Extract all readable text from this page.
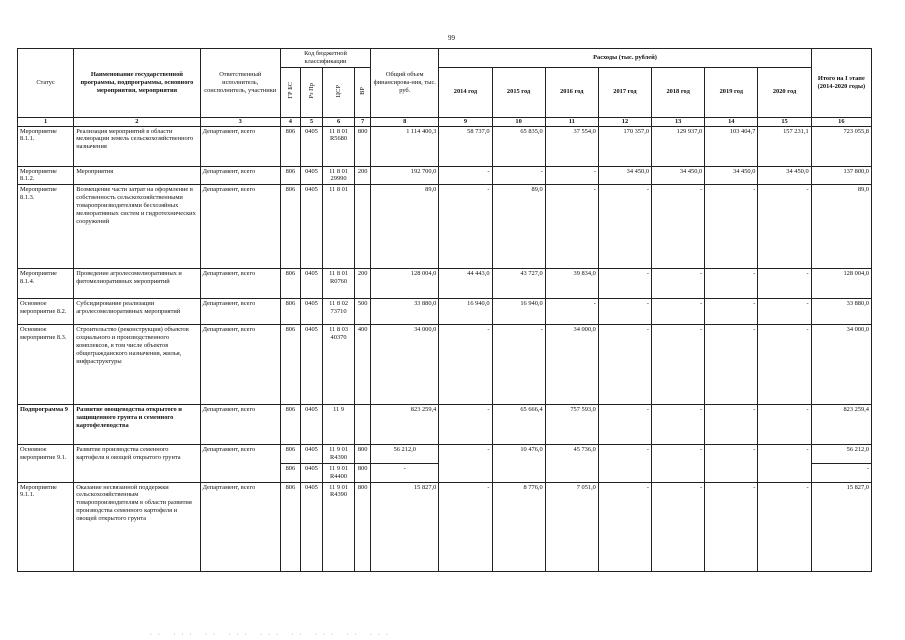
99
Статус	Наименование государственной программы, подпрограммы, основного мероприятия, мероприятия	Ответственный исполнитель, соисполнитель, участники	Код бюджетной классификации				Общий объем финансирова-ния, тыс. руб.	Расходы (тыс. рублей)							Итого на I этапе (2014-2020 годы)
			ГР БС	Рз Пр	ЦСР	ВР		2014 год	2015 год	2016 год	2017 год	2018 год	2019 год	2020 год	
1	2	3	4	5	6	7	8	9	10	11	12	13	14	15	16
Мероприятие 8.1.1.	Реализация мероприятий в области мелиорации земель сельскохозяйственного назначения	Департамент, всего	806	0405	11 8 01 R5680	800	1 114 400,3	58 737,0	65 835,0	37 554,0	170 357,0	129 937,0	103 404,7	157 231,1	723 055,8
Мероприятие 8.1.2.	Мероприятия	Департамент, всего	806	0405	11 8 01 29990	200	192 700,0	-	-	-	34 450,0	34 450,0	34 450,0	34 450,0	137 800,0
Мероприятие 8.1.3.	Возмещение части затрат на оформление в собственность сельскохозяйственными товаропроизводителями бесхозяйных мелиоративных систем и гидротехнических сооружений	Департамент, всего	806	0405	11 8 01		89,0	-	89,0	-	-	-	-	-	89,0
Мероприятие 8.1.4.	Проведение агролесомелиоративных и фитомелиоративных мероприятий	Департамент, всего	806	0405	11 8 01 R0760	200	128 004,0	44 443,0	43 727,0	39 834,0	-	-	-	-	128 004,0
Основное мероприятие 8.2.	Субсидирование реализации агролесомелиоративных мероприятий	Департамент, всего	806	0405	11 8 02 73710	500	33 880,0	16 940,0	16 940,0	-	-	-	-	-	33 880,0
Основное мероприятие 8.3.	Строительство (реконструкция) объектов социального и производственного комплексов, в том числе объектов общегражданского назначения, жилья, инфраструктуры	Департамент, всего	806	0405	11 8 03 40370	400	34 000,0	-	-	34 000,0	-	-	-	-	34 000,0
Подпрограмма 9	Развитие овощеводства открытого и защищенного грунта и семенного картофелеводства	Департамент, всего	806	0405	11 9		823 259,4	-	65 666,4	757 593,0	-	-	-	-	823 259,4
Основное мероприятие 9.1.	Развитие производства семенного картофеля и овощей открытого грунта	Департамент, всего	806	0405	11 9 01 R4390	800	56 212,0	-	10 476,0	45 736,0	-	-	-	-	56 212,0
			806	0405	11 9 01 R4400	800	-								-
Мероприятие 9.1.1.	Оказание несвязанной поддержки сельскохозяйственным товаропроизводителям в области развития производства семенного картофеля и овощей открытого грунта	Департамент, всего	806	0405	11 9 01 R4390	800	15 827,0	-	8 776,0	7 051,0	-	-	-	-	15 827,0
·· ··· ·· ··· ··· ·· ··· ·· ···
